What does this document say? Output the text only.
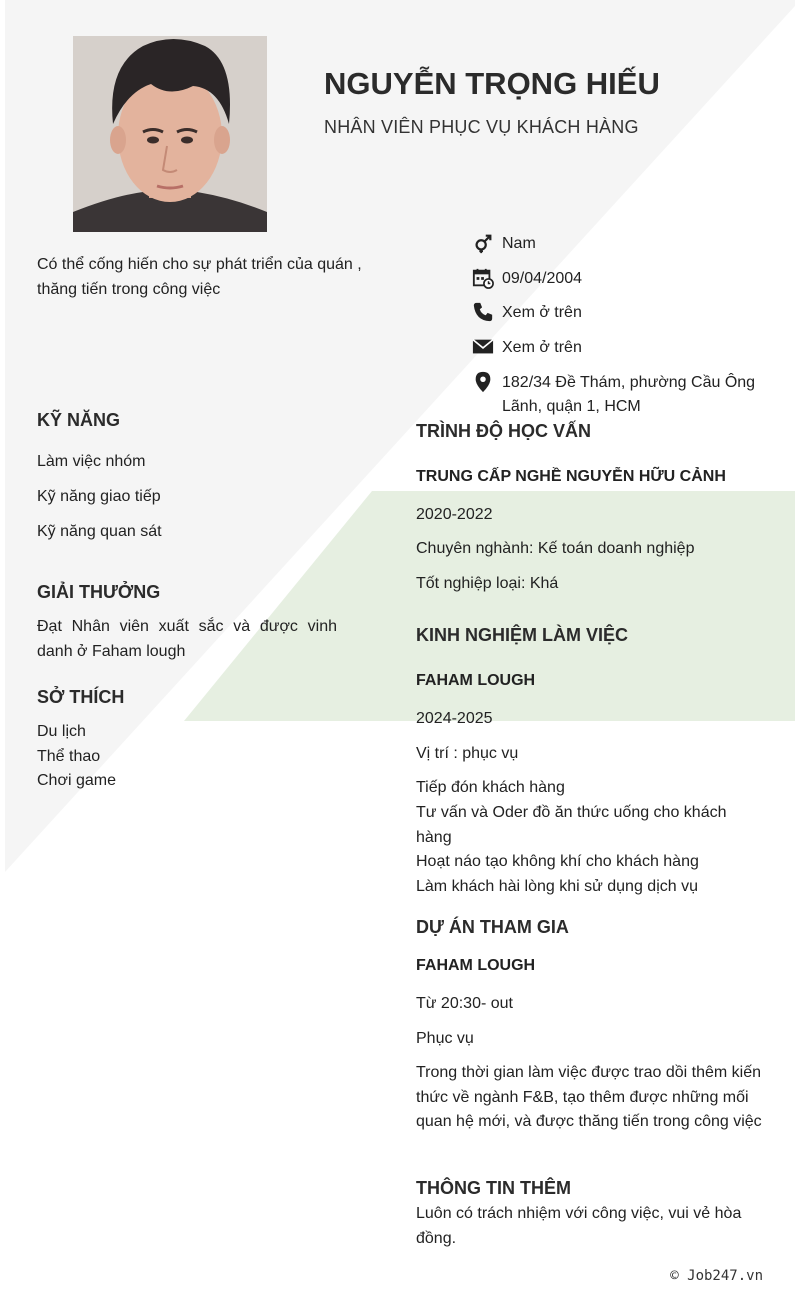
NGUYỄN TRỌNG HIẾU
NHÂN VIÊN PHỤC VỤ KHÁCH HÀNG
Có thể cống hiến cho sự phát triển của quán , thăng tiến trong công việc
Nam
09/04/2004
Xem ở trên
Xem ở trên
182/34 Đề Thám, phường Cầu Ông Lãnh, quận 1, HCM
KỸ NĂNG
Làm việc nhóm
Kỹ năng giao tiếp
Kỹ năng quan sát
GIẢI THƯỞNG
Đạt Nhân viên xuất sắc và được vinh danh ở Faham lough
SỞ THÍCH
Du lịch
Thể thao
Chơi game
TRÌNH ĐỘ HỌC VẤN
TRUNG CẤP NGHỀ NGUYỄN HỮU CẢNH
2020-2022
Chuyên nghành: Kế toán doanh nghiệp
Tốt nghiệp loại: Khá
KINH NGHIỆM LÀM VIỆC
FAHAM LOUGH
2024-2025
Vị trí : phục vụ
Tiếp đón khách hàng
Tư vấn và Oder đồ ăn thức uống cho khách hàng
Hoạt náo tạo không khí cho khách hàng
Làm khách hài lòng khi sử dụng dịch vụ
DỰ ÁN THAM GIA
FAHAM LOUGH
Từ 20:30- out
Phục vụ
Trong thời gian làm việc được trao dồi thêm kiến thức về ngành F&B, tạo thêm được những mối quan hệ mới, và được thăng tiến trong công việc
THÔNG TIN THÊM
Luôn có trách nhiệm với công việc, vui vẻ hòa đồng.
© Job247.vn
